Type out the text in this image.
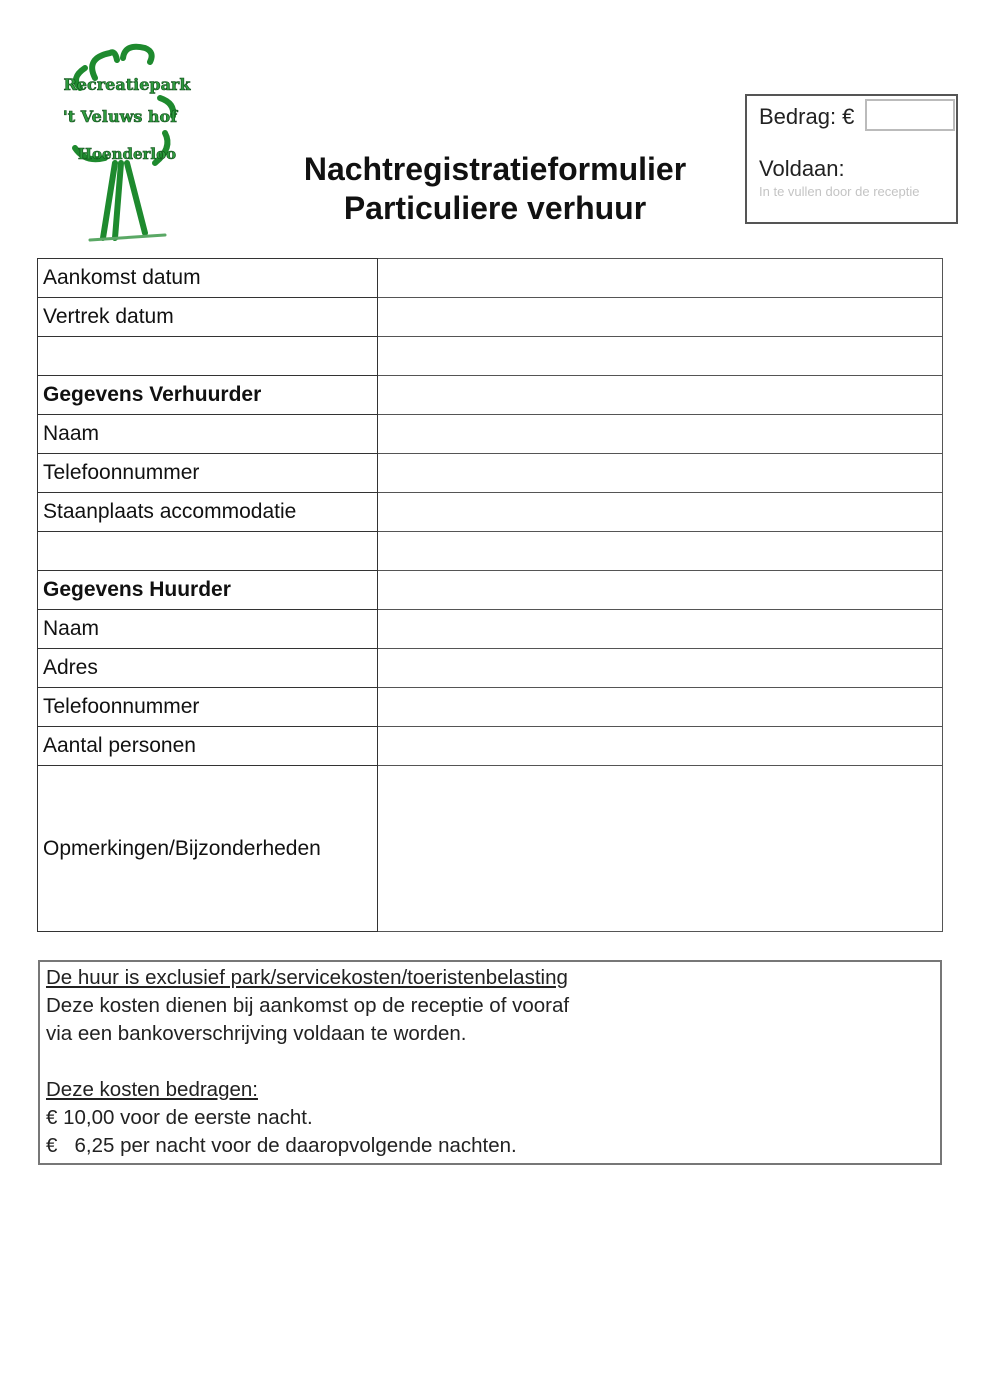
Recreatiepark
't Veluws hof
Hoenderloo	Nachtregistratieformulier
Particuliere verhuur
Bedrag: €
Voldaan:
In te vullen door de receptie
Aankomst datum	
Vertrek datum	

Gegevens Verhuurder	
Naam	
Telefoonnummer	
Staanplaats accommodatie	

Gegevens Huurder	
Naam	
Adres	
Telefoonnummer	
Aantal personen	
Opmerkingen/Bijzonderheden	
De huur is exclusief park/servicekosten/toeristenbelasting
Deze kosten dienen bij aankomst op de receptie of vooraf
via een bankoverschrijving voldaan te worden.
Deze kosten bedragen:
€ 10,00 voor de eerste nacht.
€   6,25 per nacht voor de daaropvolgende nachten.
